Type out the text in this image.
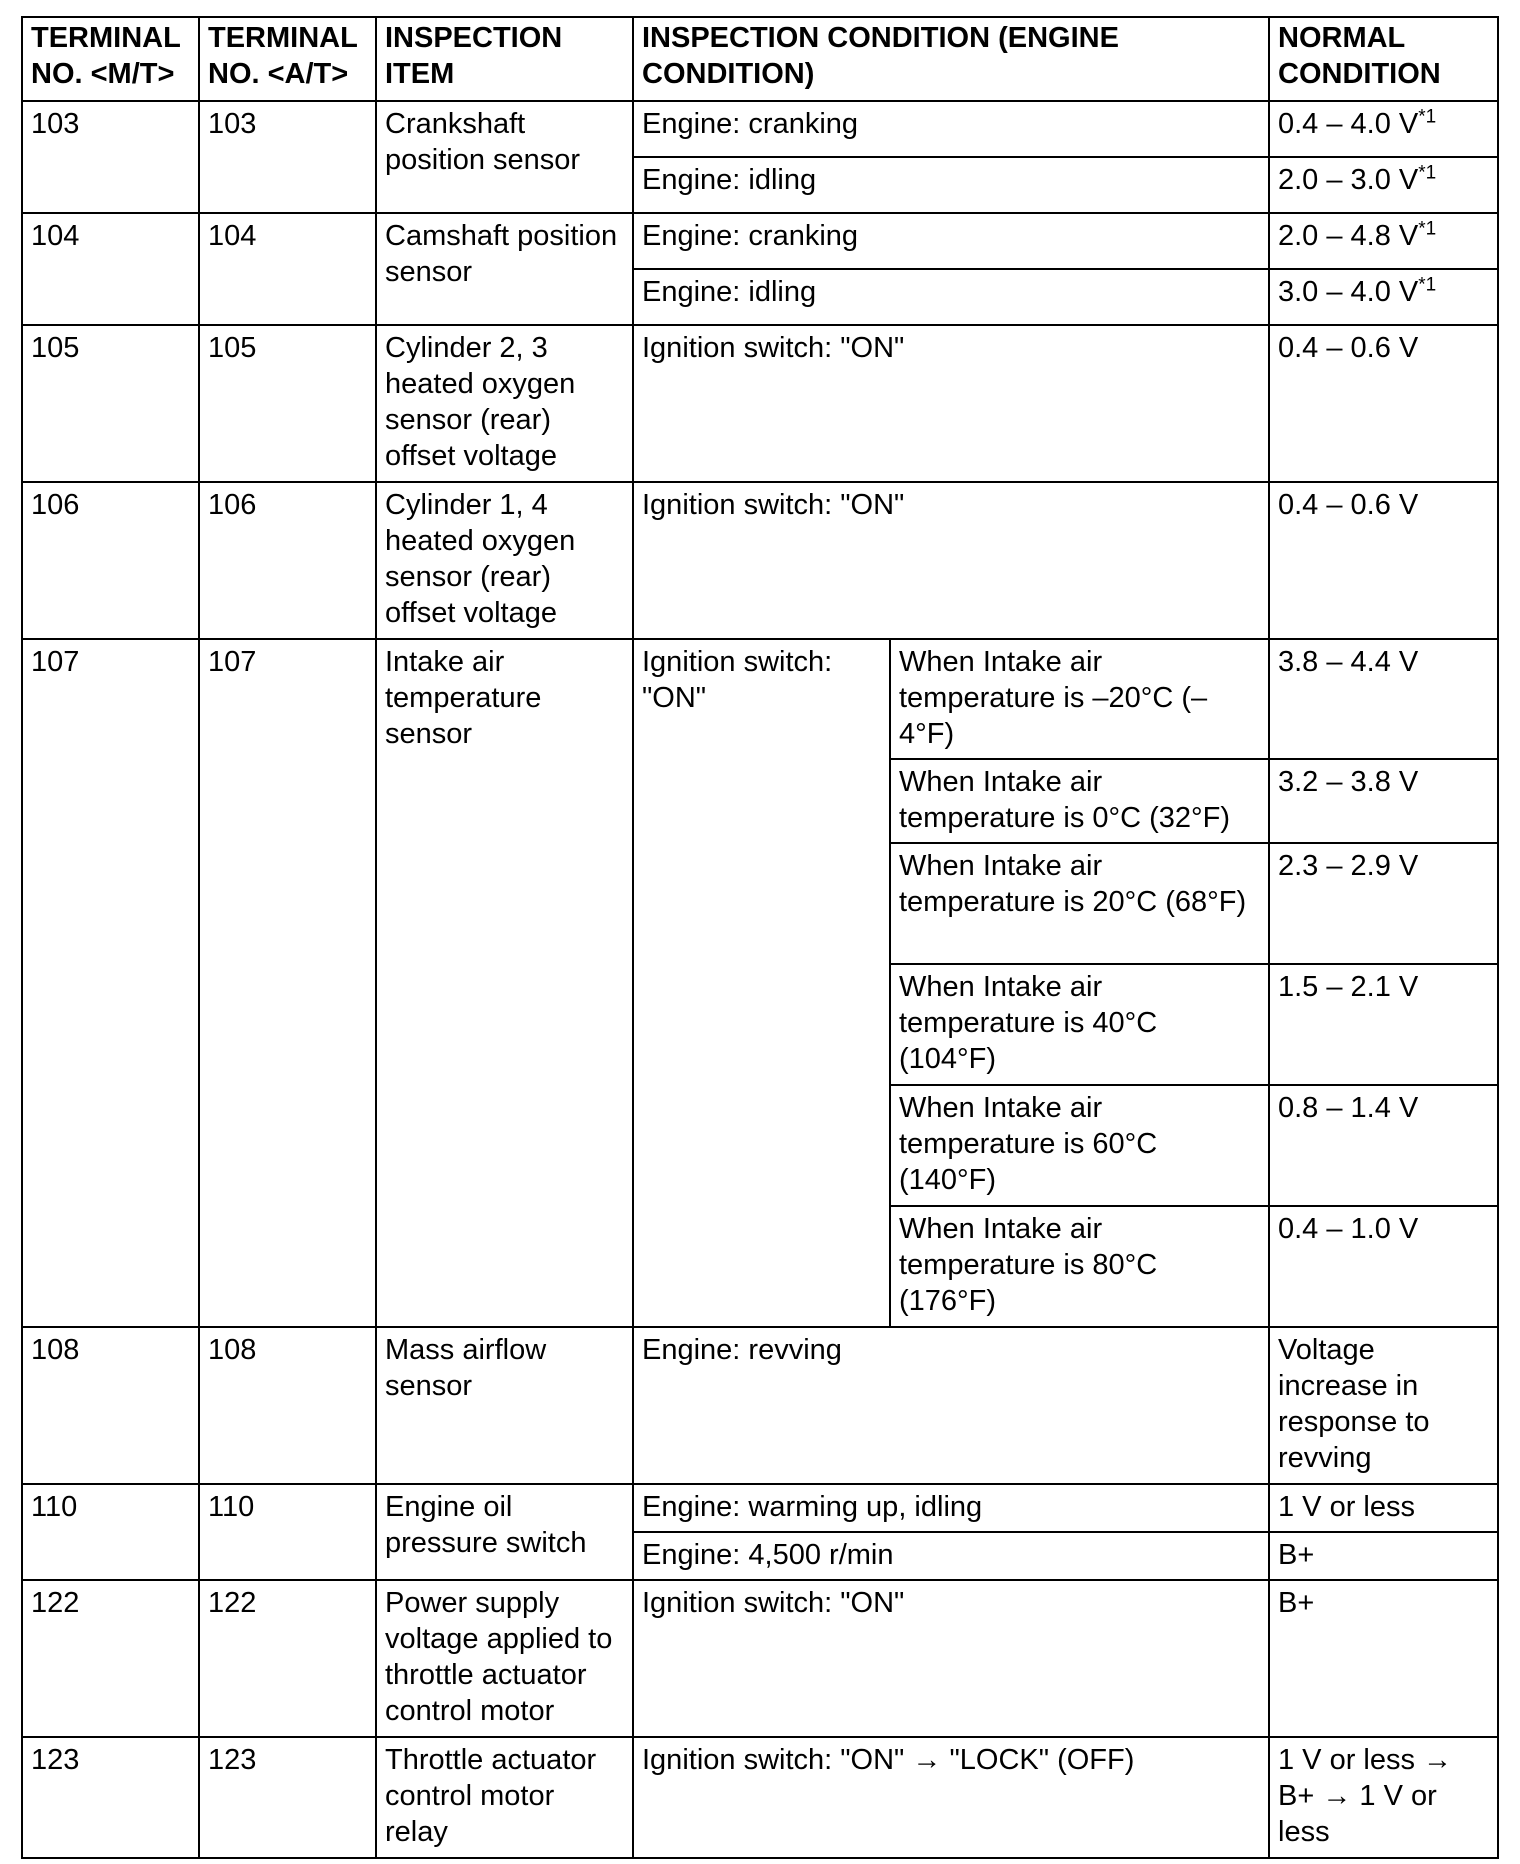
TERMINAL NO. <M/T>	TERMINAL NO. <A/T>	INSPECTION ITEM	INSPECTION CONDITION (ENGINE CONDITION)		NORMAL CONDITION
103	103	Crankshaft position sensor	Engine: cranking		0.4 – 4.0 V$^{*1}$
			Engine: idling		2.0 – 3.0 V$^{*1}$
104	104	Camshaft position sensor	Engine: cranking		2.0 – 4.8 V$^{*1}$
			Engine: idling		3.0 – 4.0 V$^{*1}$
105	105	Cylinder 2, 3 heated oxygen sensor (rear) offset voltage	Ignition switch: "ON"		0.4 – 0.6 V
106	106	Cylinder 1, 4 heated oxygen sensor (rear) offset voltage	Ignition switch: "ON"		0.4 – 0.6 V
107	107	Intake air temperature sensor	Ignition switch: "ON"	When Intake air temperature is –20°C (–4°F)	3.8 – 4.4 V
				When Intake air temperature is 0°C (32°F)	3.2 – 3.8 V
				When Intake air temperature is 20°C (68°F)	2.3 – 2.9 V
				When Intake air temperature is 40°C (104°F)	1.5 – 2.1 V
				When Intake air temperature is 60°C (140°F)	0.8 – 1.4 V
				When Intake air temperature is 80°C (176°F)	0.4 – 1.0 V
108	108	Mass airflow sensor	Engine: revving		Voltage increase in response to revving
110	110	Engine oil pressure switch	Engine: warming up, idling		1 V or less
			Engine: 4,500 r/min		B+
122	122	Power supply voltage applied to throttle actuator control motor	Ignition switch: "ON"		B+
123	123	Throttle actuator control motor relay	Ignition switch: "ON" → "LOCK" (OFF)		1 V or less → B+ → 1 V or less
